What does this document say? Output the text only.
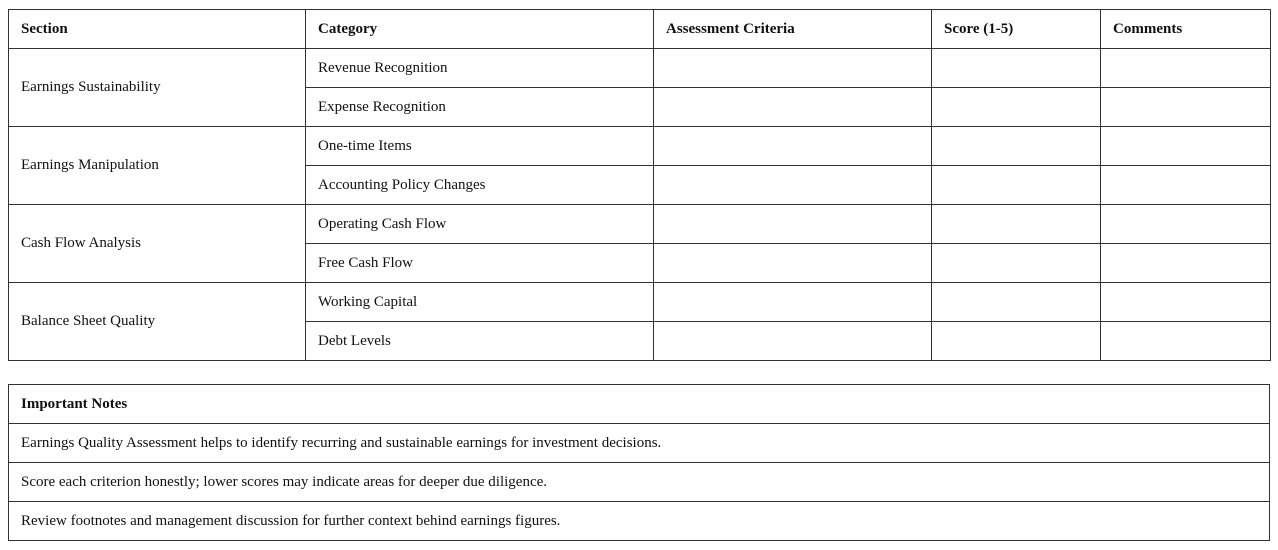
Section	Category	Assessment Criteria	Score (1-5)	Comments
Earnings Sustainability	Revenue Recognition			
	Expense Recognition			
Earnings Manipulation	One-time Items			
	Accounting Policy Changes			
Cash Flow Analysis	Operating Cash Flow			
	Free Cash Flow			
Balance Sheet Quality	Working Capital			
	Debt Levels			
Important Notes
Earnings Quality Assessment helps to identify recurring and sustainable earnings for investment decisions.
Score each criterion honestly; lower scores may indicate areas for deeper due diligence.
Review footnotes and management discussion for further context behind earnings figures.
